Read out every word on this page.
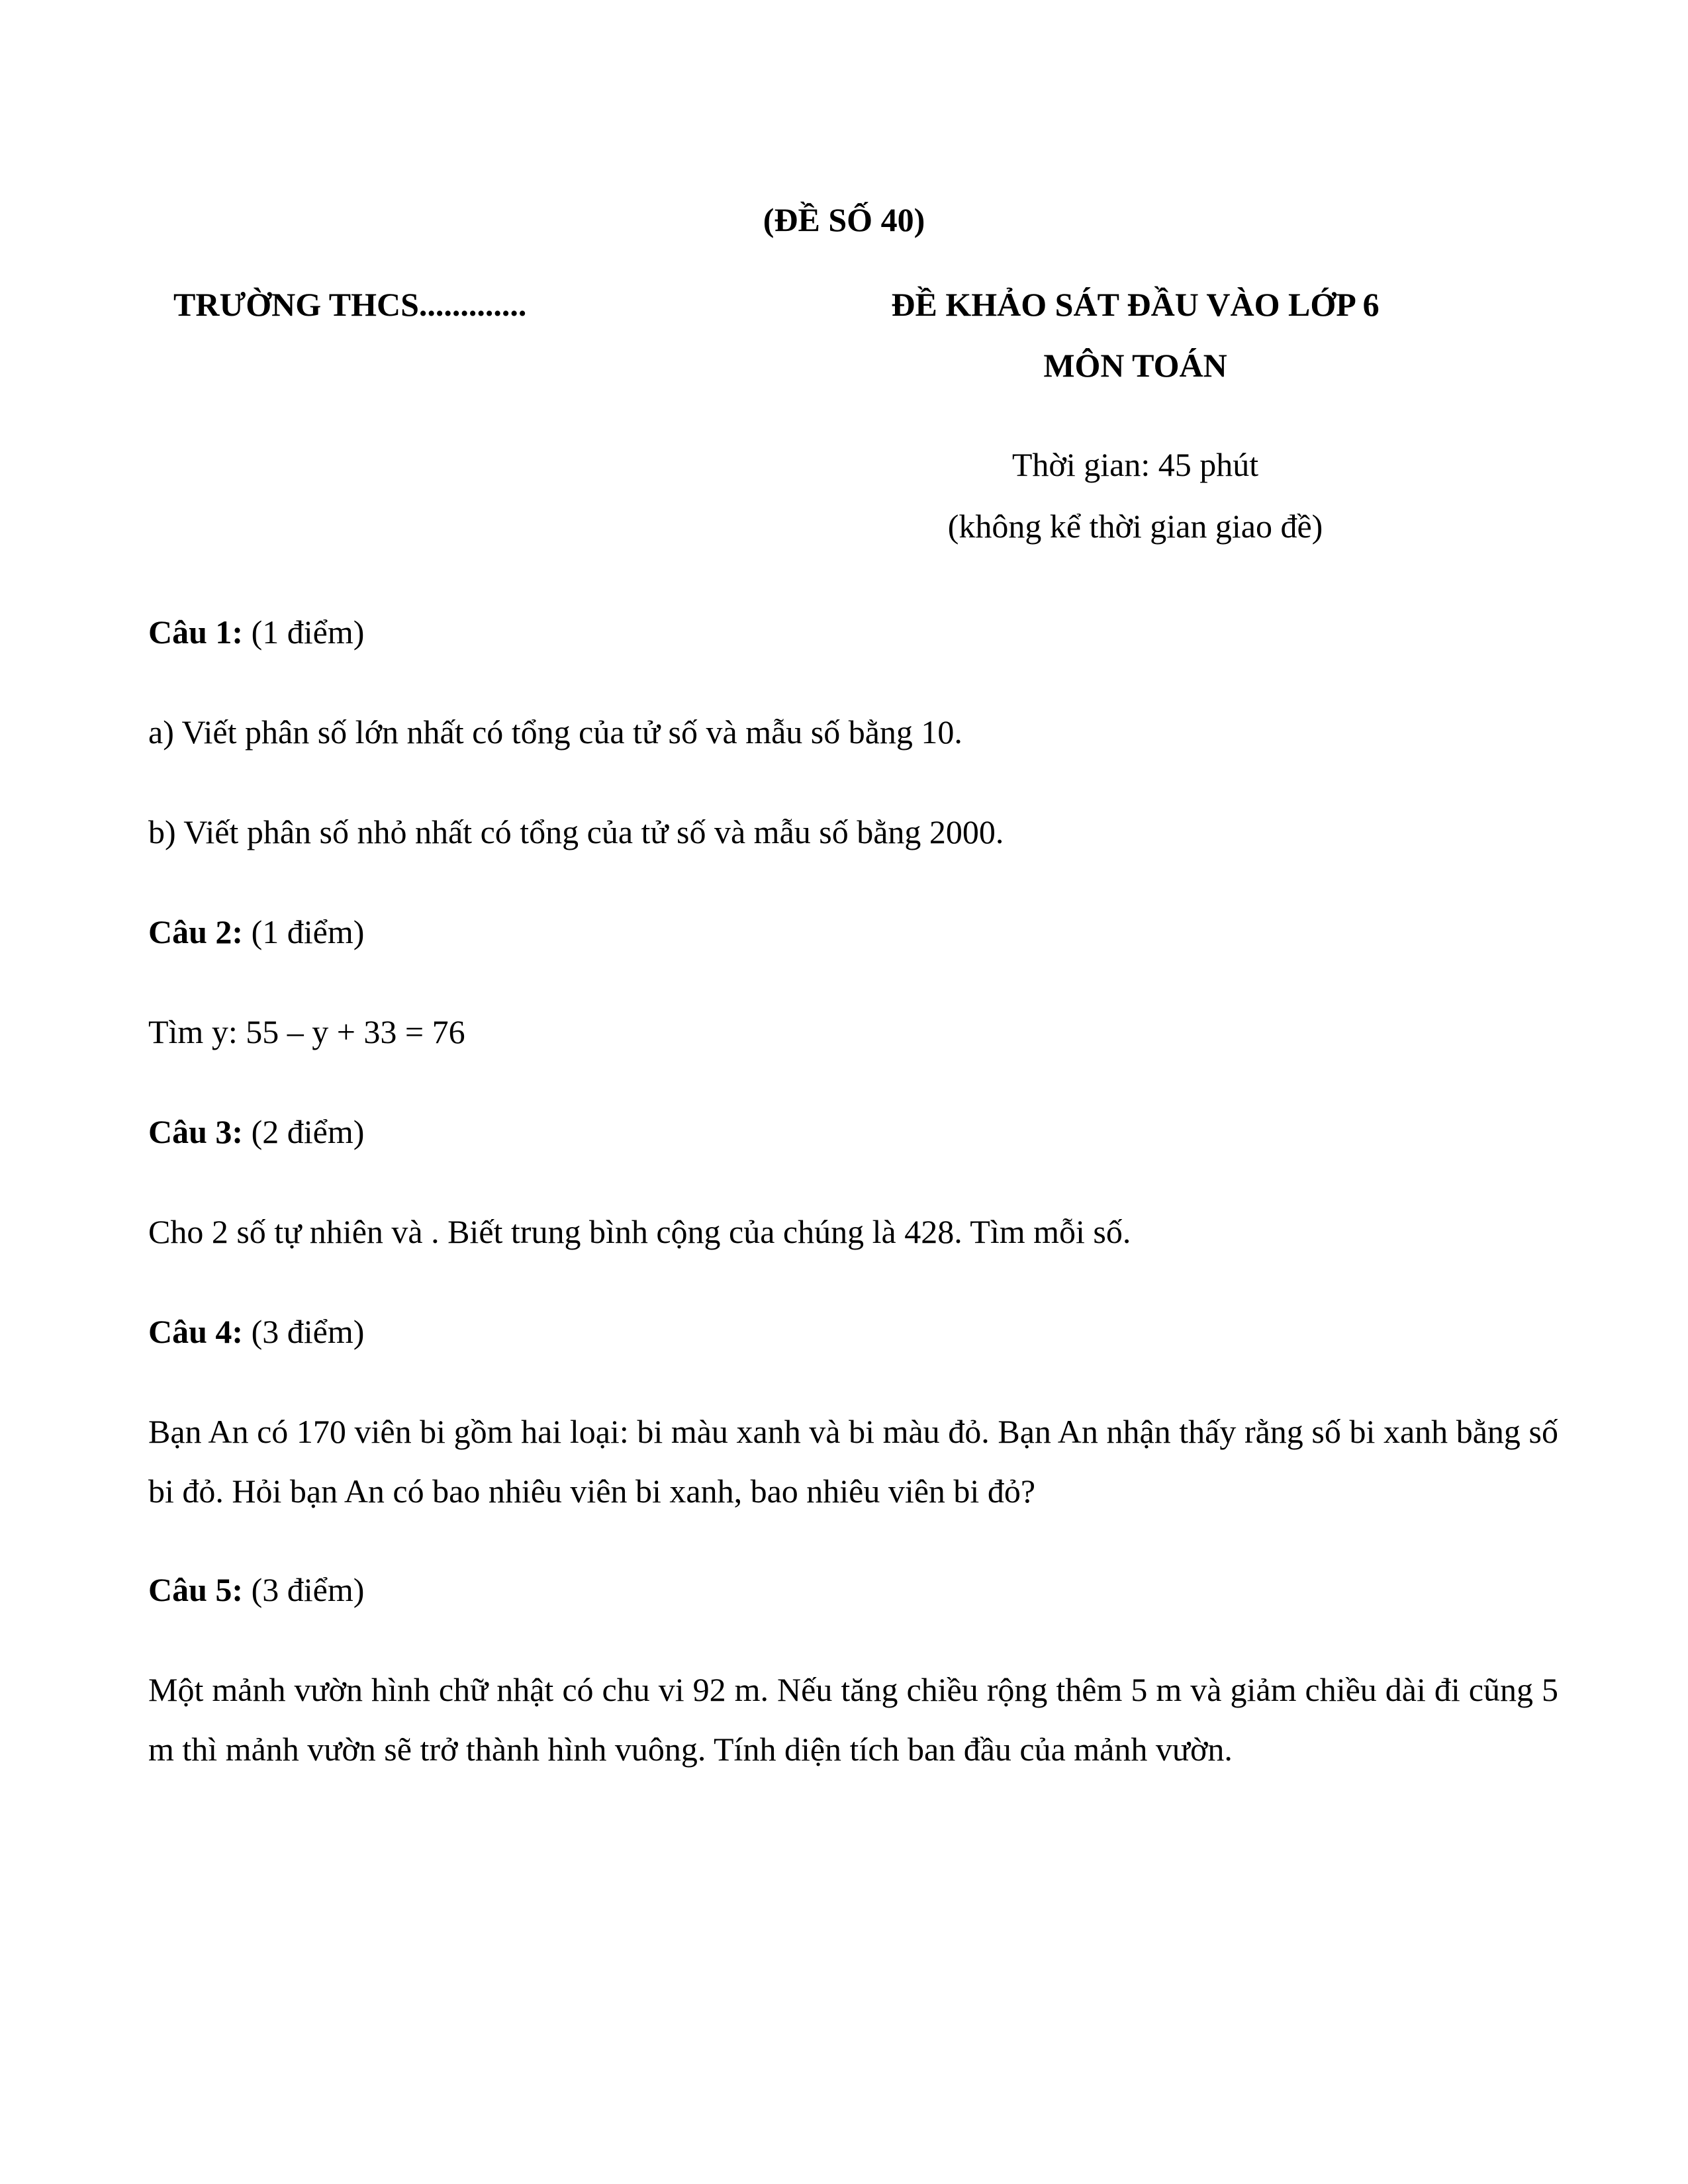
(ĐỀ SỐ 40)
TRƯỜNG THCS.............	ĐỀ KHẢO SÁT ĐẦU VÀO LỚP 6
MÔN TOÁN
Thời gian: 45 phút
(không kể thời gian giao đề)
Câu 1: (1 điểm)
a) Viết phân số lớn nhất có tổng của tử số và mẫu số bằng 10.
b) Viết phân số nhỏ nhất có tổng của tử số và mẫu số bằng 2000.
Câu 2: (1 điểm)
Tìm y: 55 – y + 33 = 76
Câu 3: (2 điểm)
Cho 2 số tự nhiên và . Biết trung bình cộng của chúng là 428. Tìm mỗi số.
Câu 4: (3 điểm)
Bạn An có 170 viên bi gồm hai loại: bi màu xanh và bi màu đỏ. Bạn An nhận thấy rằng số bi xanh bằng số bi đỏ. Hỏi bạn An có bao nhiêu viên bi xanh, bao nhiêu viên bi đỏ?
Câu 5: (3 điểm)
Một mảnh vườn hình chữ nhật có chu vi 92 m. Nếu tăng chiều rộng thêm 5 m và giảm chiều dài đi cũng 5 m thì mảnh vườn sẽ trở thành hình vuông. Tính diện tích ban đầu của mảnh vườn.
